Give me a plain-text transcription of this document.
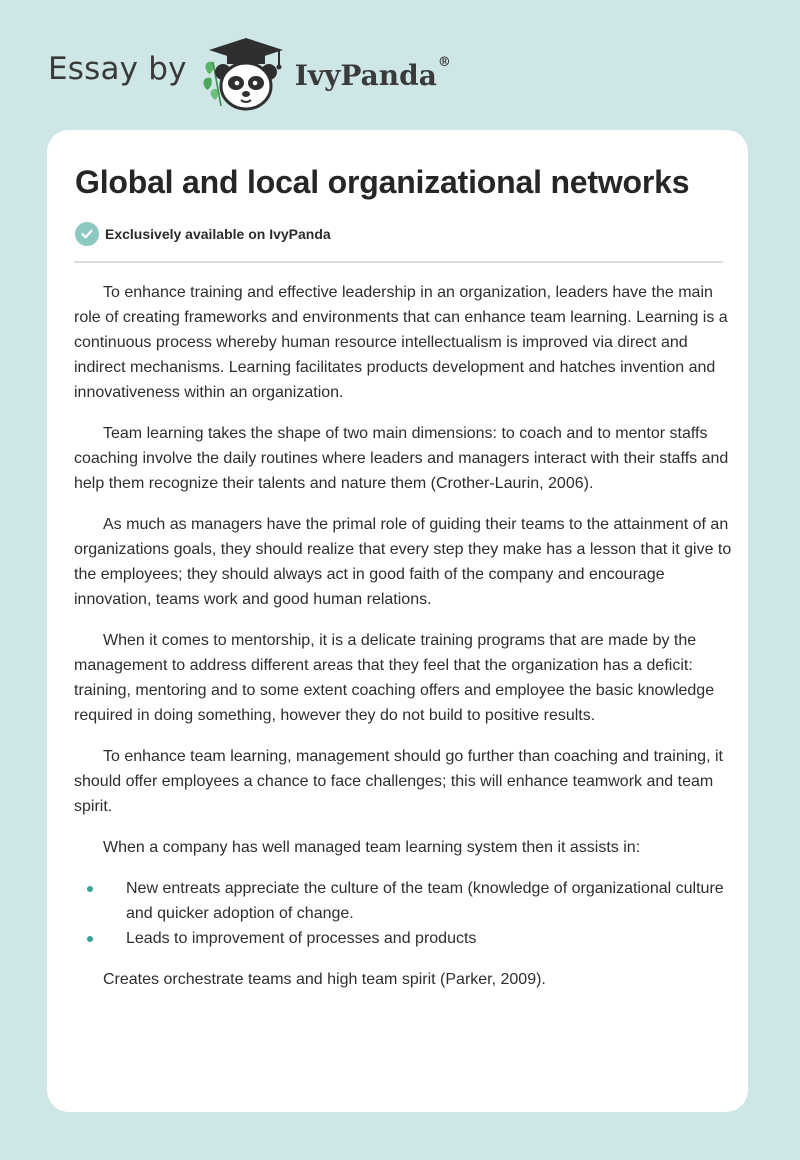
Essay by	IvyPanda®
Global and local organizational networks
Exclusively available on IvyPanda

To enhance training and effective leadership in an organization, leaders have the main role of creating frameworks and environments that can enhance team learning. Learning is a continuous process whereby human resource intellectualism is improved via direct and indirect mechanisms. Learning facilitates products development and hatches invention and innovativeness within an organization.

Team learning takes the shape of two main dimensions: to coach and to mentor staffs coaching involve the daily routines where leaders and managers interact with their staffs and help them recognize their talents and nature them (Crother-Laurin, 2006).

As much as managers have the primal role of guiding their teams to the attainment of an organizations goals, they should realize that every step they make has a lesson that it give to the employees; they should always act in good faith of the company and encourage innovation, teams work and good human relations.

When it comes to mentorship, it is a delicate training programs that are made by the management to address different areas that they feel that the organization has a deficit: training, mentoring and to some extent coaching offers and employee the basic knowledge required in doing something, however they do not build to positive results.

To enhance team learning, management should go further than coaching and training, it should offer employees a chance to face challenges; this will enhance teamwork and team spirit.

When a company has well managed team learning system then it assists in:

New entreats appreciate the culture of the team (knowledge of organizational culture and quicker adoption of change.
Leads to improvement of processes and products

Creates orchestrate teams and high team spirit (Parker, 2009).
